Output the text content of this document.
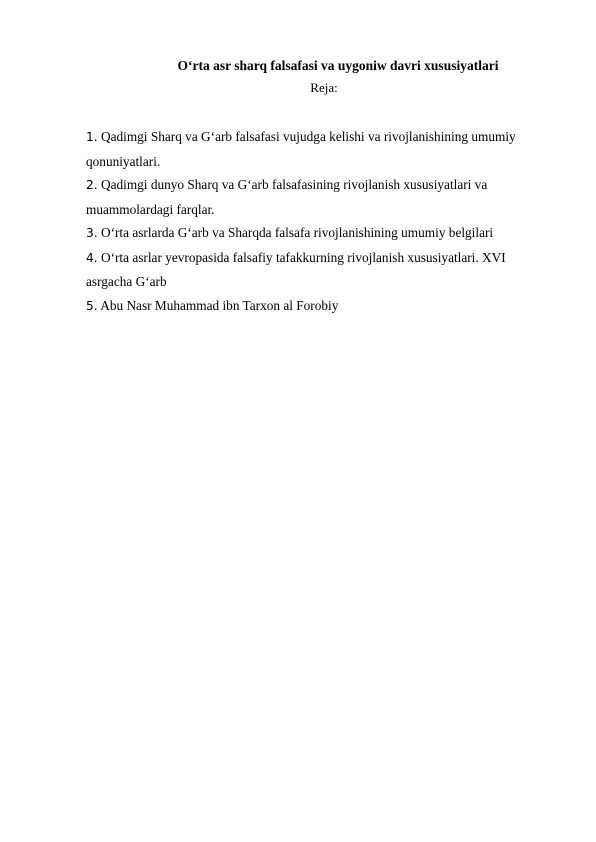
O‘rta asr sharq falsafasi va uygoniw davri xususiyatlari
Reja:
1. Qadimgi Sharq va G‘arb falsafasi vujudga kelishi va rivojlanishining umumiy
qonuniyatlari.
2. Qadimgi dunyo Sharq va G‘arb falsafasining rivojlanish xususiyatlari va
muammolardagi farqlar.
3. O‘rta asrlarda G‘arb va Sharqda falsafa rivojlanishining umumiy belgilari
4. O‘rta asrlar yevropasida falsafiy tafakkurning rivojlanish xususiyatlari. XVI
asrgacha G‘arb
5. Abu Nasr Muhammad ibn Tarxon al Forobiy
